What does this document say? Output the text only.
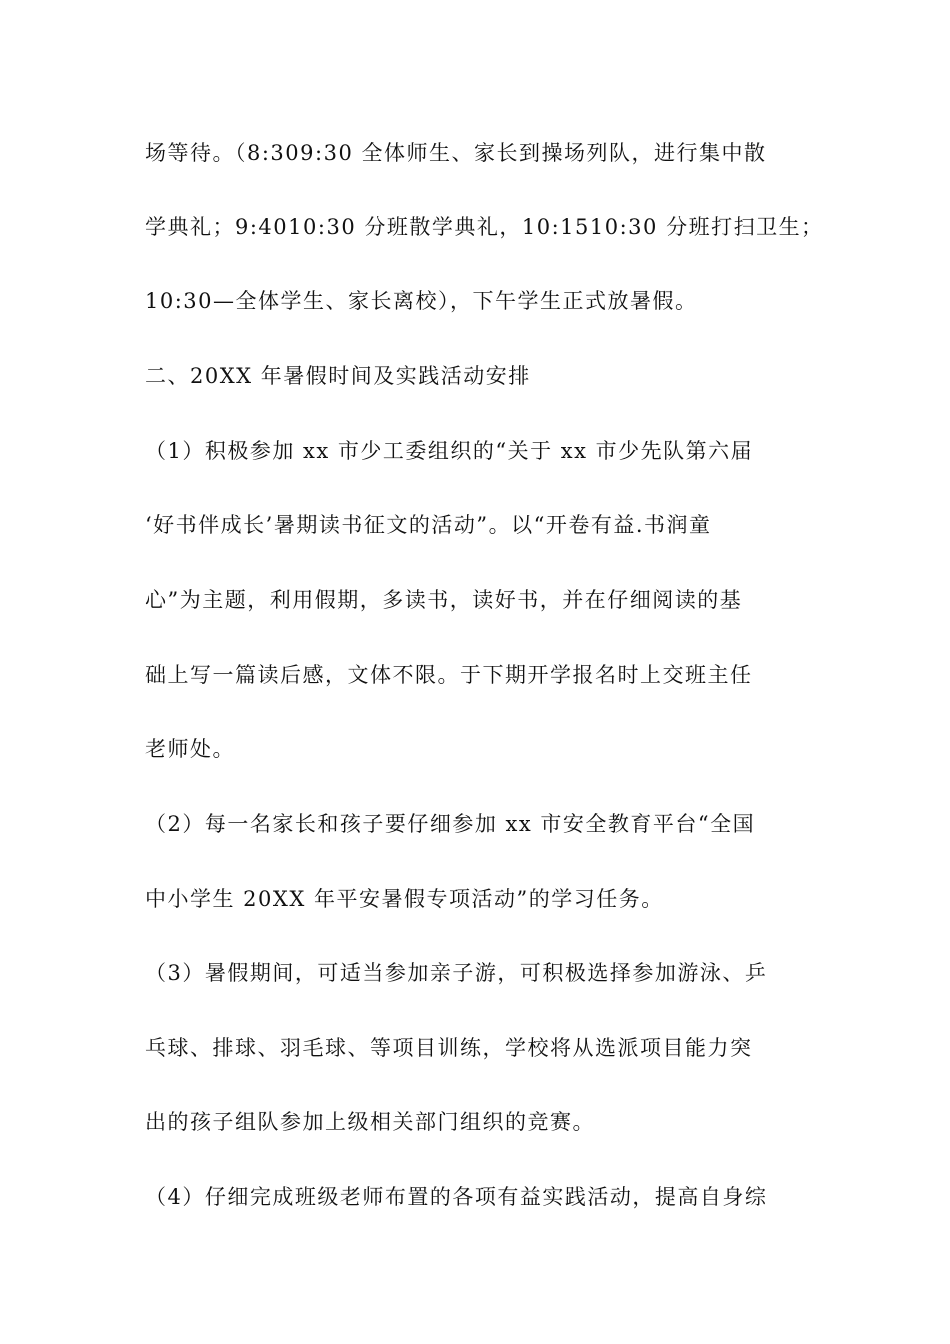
场等待。（8:309:30 全体师生、家长到操场列队，进行集中散
学典礼；9:4010:30 分班散学典礼，10:1510:30 分班打扫卫生；
10:30—全体学生、家长离校），下午学生正式放暑假。
二、20XX 年暑假时间及实践活动安排
（1）积极参加 xx 市少工委组织的“关于 xx 市少先队第六届
‘好书伴成长’暑期读书征文的活动”。以“开卷有益.书润童
心”为主题，利用假期，多读书，读好书，并在仔细阅读的基
础上写一篇读后感，文体不限。于下期开学报名时上交班主任
老师处。
（2）每一名家长和孩子要仔细参加 xx 市安全教育平台“全国
中小学生 20XX 年平安暑假专项活动”的学习任务。
（3）暑假期间，可适当参加亲子游，可积极选择参加游泳、乒
乓球、排球、羽毛球、等项目训练，学校将从选派项目能力突
出的孩子组队参加上级相关部门组织的竞赛。
（4）仔细完成班级老师布置的各项有益实践活动，提高自身综
